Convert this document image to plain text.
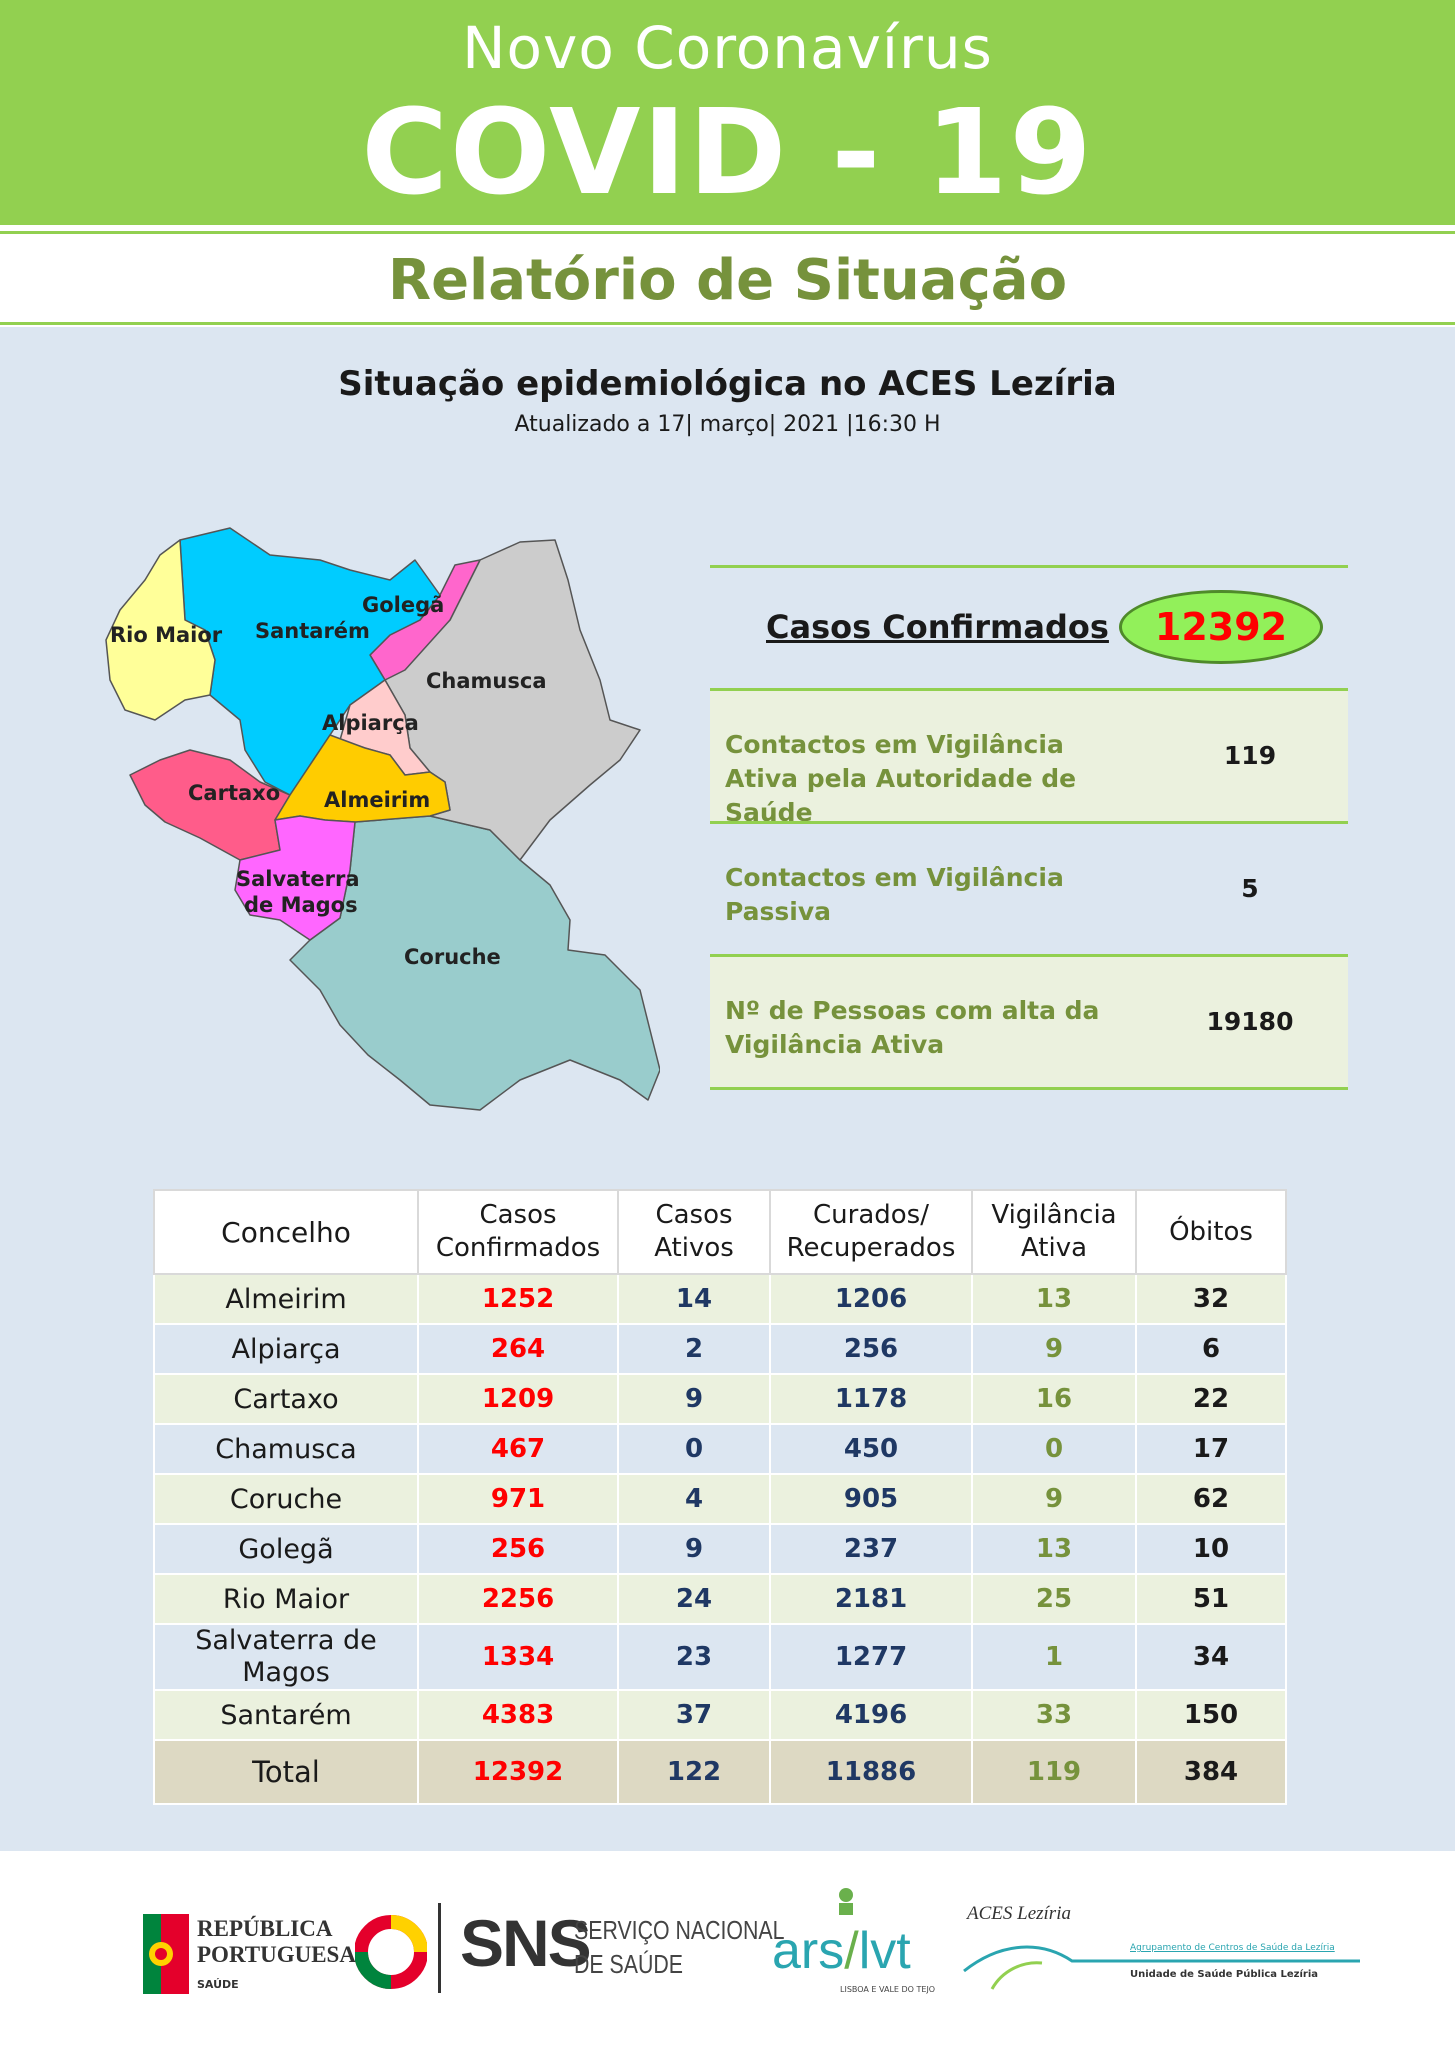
Novo Coronavírus
COVID - 19
Relatório de Situação
Situação epidemiológica no ACES Lezíria
Atualizado a 17| março| 2021 |16:30 H
Rio Maior Santarém
Golegã
Chamusca
Alpiarça
Cartaxo Almeirim
Salvaterra
de Magos
Coruche
Casos Confirmados	12392
Contactos em Vigilância Ativa pela Autoridade de Saúde
119
Contactos em Vigilância Passiva
5
Nº de Pessoas com alta da Vigilância Ativa
19180
Concelho	Casos Confirmados	Casos Ativos	Curados/ Recuperados	Vigilância Ativa	Óbitos
Almeirim	1252	14	1206	13	32
Alpiarça	264	2	256	9	6
Cartaxo	1209	9	1178	16	22
Chamusca	467	0	450	0	17
Coruche	971	4	905	9	62
Golegã	256	9	237	13	10
Rio Maior	2256	24	2181	25	51
Salvaterra de Magos	1334	23	1277	1	34
Santarém	4383	37	4196	33	150
Total	12392	122	11886	119	384
REPÚBLICA
PORTUGUESA
SAÚDE
SNS
SERVIÇO NACIONAL
DE SAÚDE	ars/lvt
LISBOA E VALE DO TEJO
ACES Lezíria
Agrupamento de Centros de Saúde da Lezíria
Unidade de Saúde Pública Lezíria
